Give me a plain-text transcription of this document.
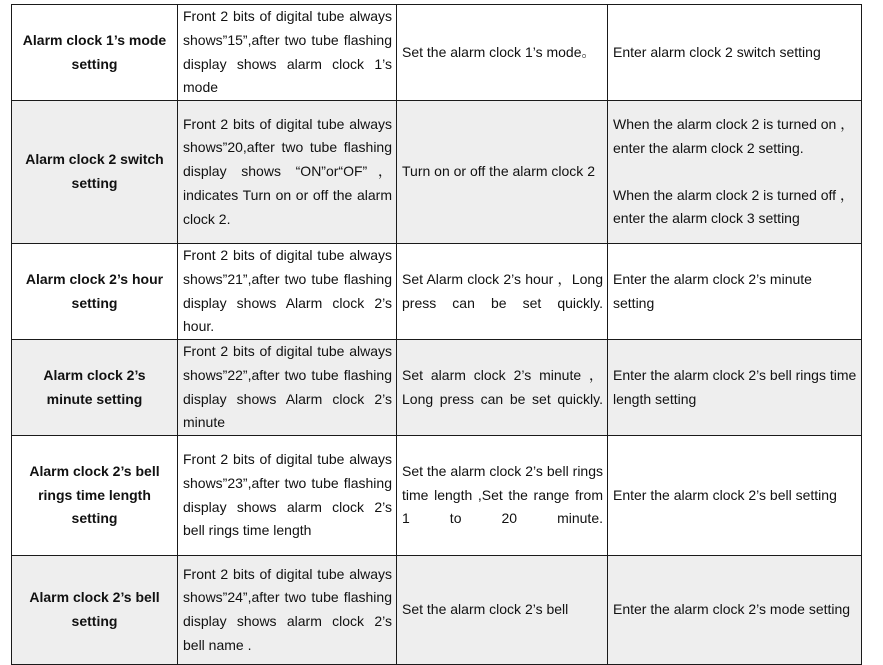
Alarm clock 1’s mode setting	Front 2 bits of digital tube always shows”15”,after two tube flashing display shows alarm clock 1’s mode	Set the alarm clock 1’s mode。	Enter alarm clock 2 switch setting
Alarm clock 2 switch setting	Front 2 bits of digital tube always shows”20,after two tube flashing display shows “ON”or“OF”，indicates Turn on or off the alarm clock 2.	Turn on or off the alarm clock 2	When the alarm clock 2 is turned on ， enter the alarm clock 2 setting.
When the alarm clock 2 is turned off ，enter the alarm clock 3 setting

Alarm clock 2’s hour setting	Front 2 bits of digital tube always shows”21”,after two tube flashing display shows Alarm clock 2’s hour.	Set Alarm clock 2’s hour ，Long press can be set quickly.	Enter the alarm clock 2’s minute setting
Alarm clock 2’s minute setting	Front 2 bits of digital tube always shows”22”,after two tube flashing display shows Alarm clock 2’s minute	Set alarm clock 2’s minute ，Long press can be set quickly.	Enter the alarm clock 2’s bell rings time length setting
Alarm clock 2’s bell rings time length setting	Front 2 bits of digital tube always shows”23”,after two tube flashing display shows alarm clock 2’s bell rings time length	Set the alarm clock 2’s bell rings time length ,Set the range from 1 to 20 minute.	Enter the alarm clock 2’s bell setting
Alarm clock 2’s bell setting	Front 2 bits of digital tube always shows”24”,after two tube flashing display shows alarm clock 2’s bell name .	Set the alarm clock 2’s bell	Enter the alarm clock 2’s mode setting
